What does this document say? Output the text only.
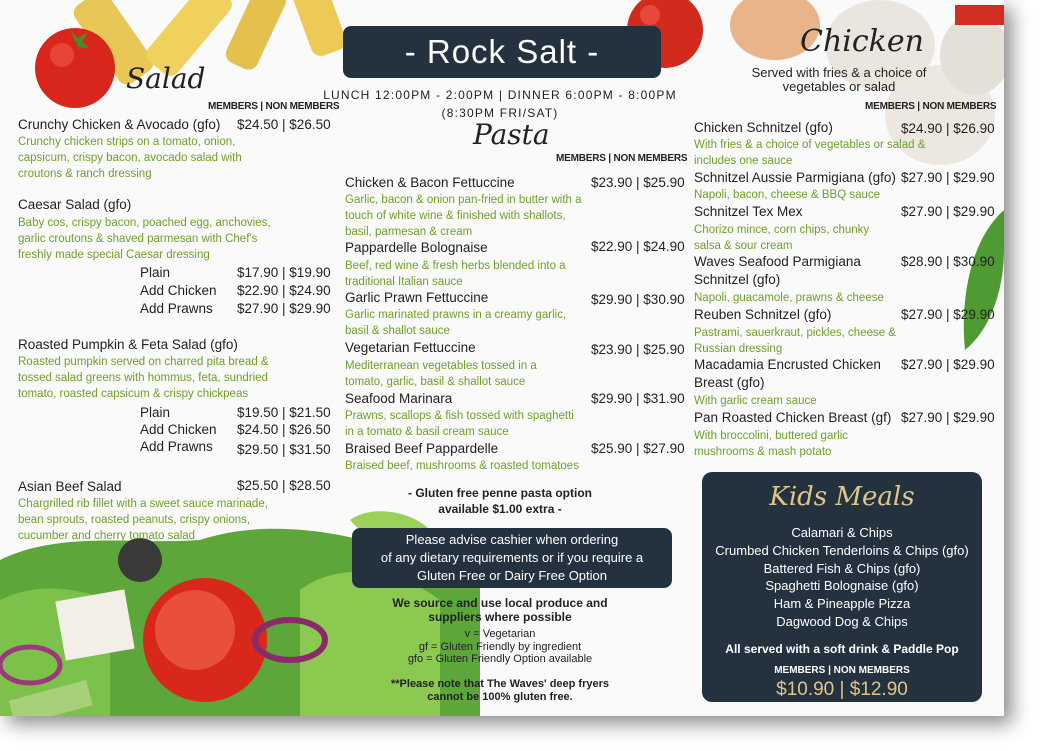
- Rock Salt -
LUNCH 12:00PM - 2:00PM | DINNER 6:00PM - 8:00PM
(8:30PM FRI/SAT)
Salad
MEMBERS | NON MEMBERS
Crunchy Chicken & Avocado (gfo) $24.50 | $26.50
Crunchy chicken strips on a tomato, onion, capsicum, crispy bacon, avocado salad with croutons & ranch dressing
Caesar Salad (gfo)
Baby cos, crispy bacon, poached egg, anchovies, garlic croutons & shaved parmesan with Chef's freshly made special Caesar dressing
Plain	$17.90 | $19.90
Add Chicken $22.90 | $24.90
Add Prawns $27.90 | $29.90
Roasted Pumpkin & Feta Salad (gfo)
Roasted pumpkin served on charred pita bread & tossed salad greens with hommus, feta, sundried tomato, roasted capsicum & crispy chickpeas
Plain	$19.50 | $21.50
Add Chicken $24.50 | $26.50
Add Prawns $29.50 | $31.50
Asian Beef Salad	$25.50 | $28.50
Chargrilled rib fillet with a sweet sauce marinade, bean sprouts, roasted peanuts, crispy onions, cucumber and cherry tomato salad
Pasta
MEMBERS | NON MEMBERS
Chicken & Bacon Fettuccine	$23.90 | $25.90
Garlic, bacon & onion pan-fried in butter with a touch of white wine & finished with shallots, basil, parmesan & cream
Pappardelle Bolognaise	$22.90 | $24.90
Beef, red wine & fresh herbs blended into a traditional Italian sauce
Garlic Prawn Fettuccine	$29.90 | $30.90
Garlic marinated prawns in a creamy garlic, basil & shallot sauce
Vegetarian Fettuccine	$23.90 | $25.90
Mediterranean vegetables tossed in a tomato, garlic, basil & shallot sauce
Seafood Marinara	$29.90 | $31.90
Prawns, scallops & fish tossed with spaghetti in a tomato & basil cream sauce
Braised Beef Pappardelle	$25.90 | $27.90
Braised beef, mushrooms & roasted tomatoes
- Gluten free penne pasta option
available $1.00 extra -
Please advise cashier when ordering
of any dietary requirements or if you require a
Gluten Free or Dairy Free Option
We source and use local produce and
suppliers where possible
v = Vegetarian
gf = Gluten Friendly by ingredient
gfo = Gluten Friendly Option available
**Please note that The Waves' deep fryers
cannot be 100% gluten free.
Chicken
Served with fries & a choice of
vegetables or salad
MEMBERS | NON MEMBERS
Chicken Schnitzel (gfo)	$24.90 | $26.90
With fries & a choice of vegetables or salad & includes one sauce
Schnitzel Aussie Parmigiana (gfo) $27.90 | $29.90
Napoli, bacon, cheese & BBQ sauce
Schnitzel Tex Mex	$27.90 | $29.90
Chorizo mince, corn chips, chunky salsa & sour cream
Waves Seafood Parmigiana
Schnitzel (gfo)
$28.90 | $30.90
Napoli, guacamole, prawns & cheese
Reuben Schnitzel (gfo)	$27.90 | $29.90
Pastrami, sauerkraut, pickles, cheese & Russian dressing
Macadamia Encrusted Chicken
Breast (gfo)
$27.90 | $29.90
With garlic cream sauce
Pan Roasted Chicken Breast (gf) $27.90 | $29.90
With broccolini, buttered garlic mushrooms & mash potato
Kids Meals
Calamari & Chips
Crumbed Chicken Tenderloins & Chips (gfo)
Battered Fish & Chips (gfo)
Spaghetti Bolognaise (gfo)
Ham & Pineapple Pizza
Dagwood Dog & Chips
All served with a soft drink & Paddle Pop
MEMBERS | NON MEMBERS
$10.90 | $12.90
